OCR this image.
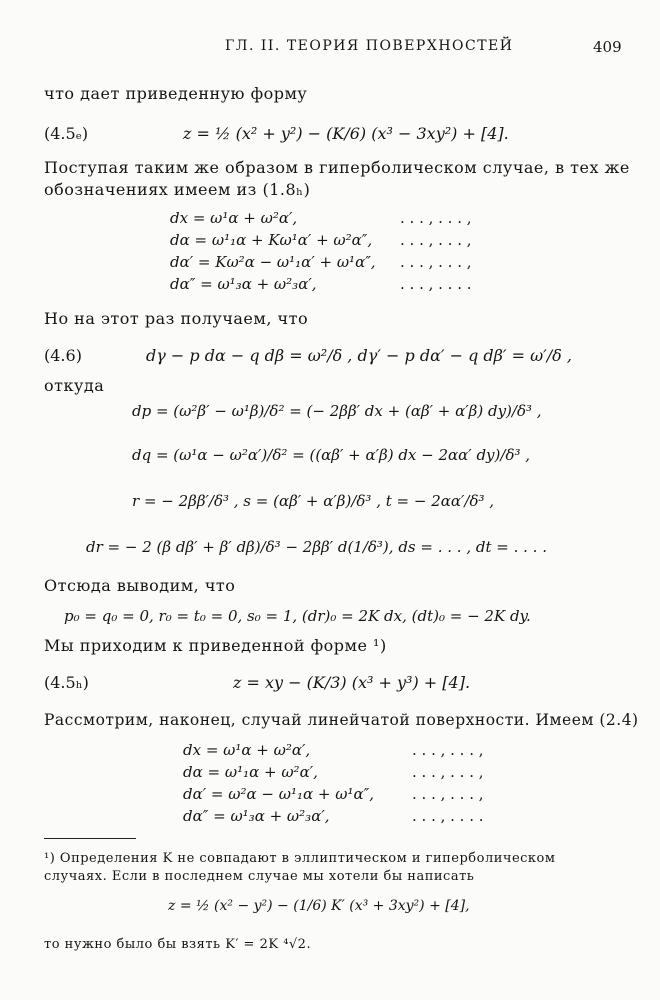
ГЛ. II. ТЕОРИЯ ПОВЕРХНОСТЕЙ	409
что дает приведенную форму
(4.5ₑ)	z = ½ (x² + y²) − (K/6) (x³ − 3xy²) + [4].
Поступая таким же образом в гиперболическом случае, в тех же
обозначениях имеем из (1.8ₕ)
dx = ω¹α + ω²α′,	. . . , . . . ,
dα = ω¹₁α + Kω¹α′ + ω²α″, . . . , . . . ,
dα′ = Kω²α − ω¹₁α′ + ω¹α″, . . . , . . . ,
dα″ = ω¹₃α + ω²₃α′,	. . . , . . . .
Но на этот раз получаем, что
(4.6)	dγ − p dα − q dβ = ω²/δ , dγ′ − p dα′ − q dβ′ = ω′/δ ,
откуда
dp = (ω²β′ − ω¹β)/δ² = (− 2ββ′ dx + (αβ′ + α′β) dy)/δ³ ,
dq = (ω¹α − ω²α′)/δ² = ((αβ′ + α′β) dx − 2αα′ dy)/δ³ ,
r = − 2ββ′/δ³ , s = (αβ′ + α′β)/δ³ , t = − 2αα′/δ³ ,
dr = − 2 (β dβ′ + β′ dβ)/δ³ − 2ββ′ d(1/δ³), ds = . . . , dt = . . . .
Отсюда выводим, что
p₀ = q₀ = 0, r₀ = t₀ = 0, s₀ = 1, (dr)₀ = 2K dx, (dt)₀ = − 2K dy.
Мы приходим к приведенной форме ¹)
(4.5ₕ)	z = xy − (K/3) (x³ + y³) + [4].
Рассмотрим, наконец, случай линейчатой поверхности. Имеем (2.4)
dx = ω¹α + ω²α′,	. . . , . . . ,
dα = ω¹₁α + ω²α′,	. . . , . . . ,
dα′ = ω²α − ω¹₁α + ω¹α″,	. . . , . . . ,
dα″ = ω¹₃α + ω²₃α′,	. . . , . . . .
¹) Определения K не совпадают в эллиптическом и гиперболическом
случаях. Если в последнем случае мы хотели бы написать
z = ½ (x² − y²) − (1/6) K′ (x³ + 3xy²) + [4],
то нужно было бы взять K′ = 2K ⁴√2.
